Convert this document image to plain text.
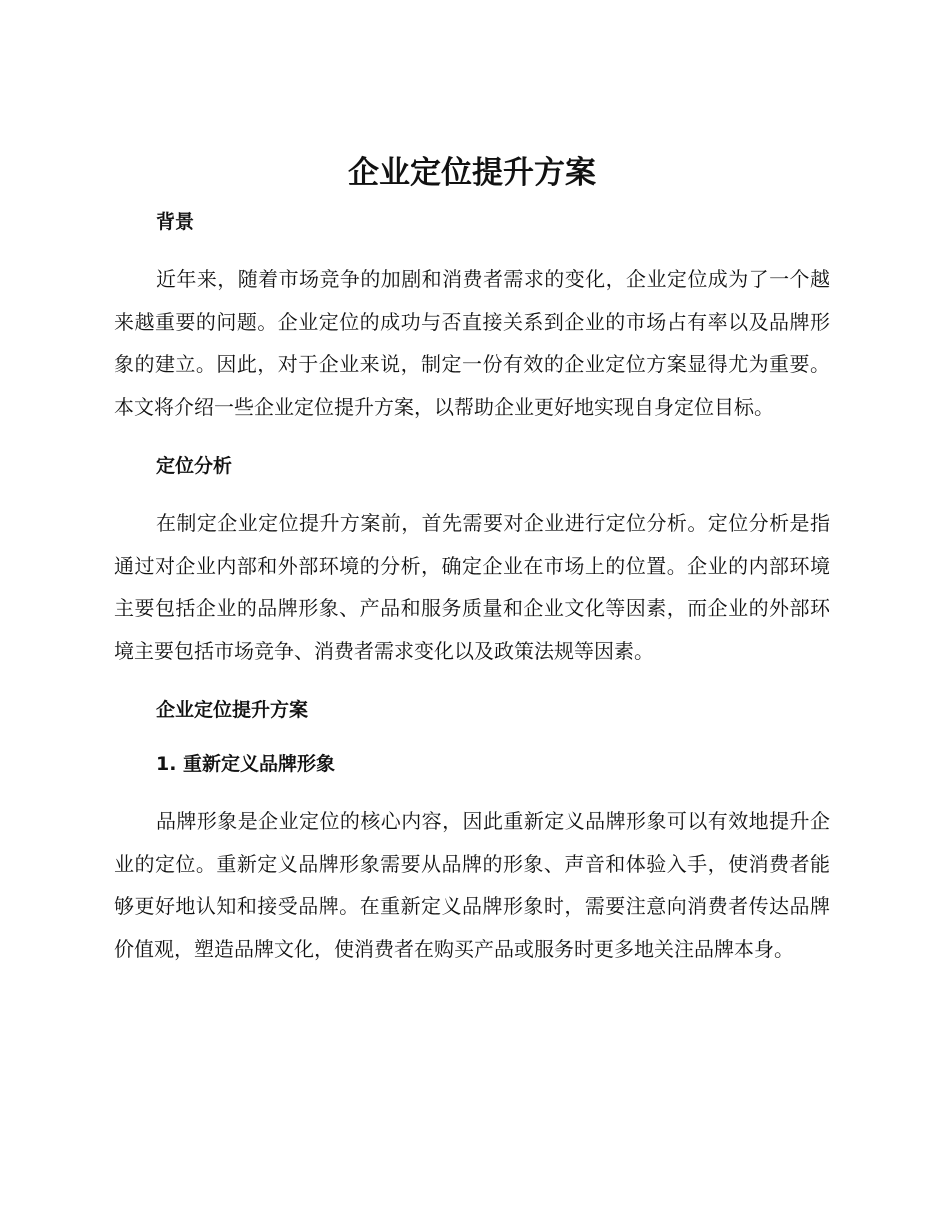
企业定位提升方案
背景

近年来，随着市场竞争的加剧和消费者需求的变化，企业定位成为了一个越来越重要的问题。企业定位的成功与否直接关系到企业的市场占有率以及品牌形象的建立。因此，对于企业来说，制定一份有效的企业定位方案显得尤为重要。本文将介绍一些企业定位提升方案，以帮助企业更好地实现自身定位目标。

定位分析

在制定企业定位提升方案前，首先需要对企业进行定位分析。定位分析是指通过对企业内部和外部环境的分析，确定企业在市场上的位置。企业的内部环境主要包括企业的品牌形象、产品和服务质量和企业文化等因素，而企业的外部环境主要包括市场竞争、消费者需求变化以及政策法规等因素。

企业定位提升方案
1. 重新定义品牌形象

品牌形象是企业定位的核心内容，因此重新定义品牌形象可以有效地提升企业的定位。重新定义品牌形象需要从品牌的形象、声音和体验入手，使消费者能够更好地认知和接受品牌。在重新定义品牌形象时，需要注意向消费者传达品牌价值观，塑造品牌文化，使消费者在购买产品或服务时更多地关注品牌本身。
